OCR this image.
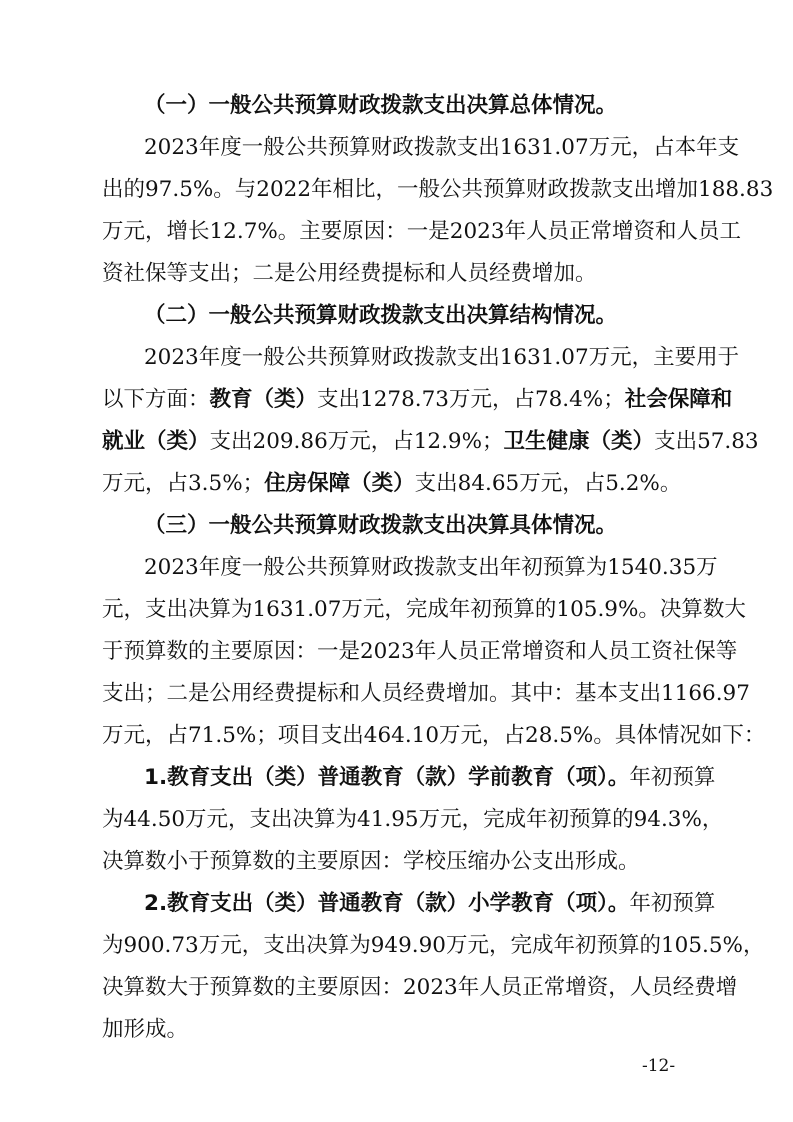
（一）一般公共预算财政拨款支出决算总体情况。
2023年度一般公共预算财政拨款支出1631.07万元，占本年支
出的97.5%。与2022年相比，一般公共预算财政拨款支出增加188.83
万元，增长12.7%。主要原因：一是2023年人员正常增资和人员工
资社保等支出；二是公用经费提标和人员经费增加。
（二）一般公共预算财政拨款支出决算结构情况。
2023年度一般公共预算财政拨款支出1631.07万元，主要用于
以下方面：教育（类）支出1278.73万元，占78.4%；社会保障和
就业（类）支出209.86万元，占12.9%；卫生健康（类）支出57.83
万元，占3.5%；住房保障（类）支出84.65万元，占5.2%。
（三）一般公共预算财政拨款支出决算具体情况。
2023年度一般公共预算财政拨款支出年初预算为1540.35万
元，支出决算为1631.07万元，完成年初预算的105.9%。决算数大
于预算数的主要原因：一是2023年人员正常增资和人员工资社保等
支出；二是公用经费提标和人员经费增加。其中：基本支出1166.97
万元，占71.5%；项目支出464.10万元，占28.5%。具体情况如下：
1.教育支出（类）普通教育（款）学前教育（项）。年初预算
为44.50万元，支出决算为41.95万元，完成年初预算的94.3%，
决算数小于预算数的主要原因：学校压缩办公支出形成。
2.教育支出（类）普通教育（款）小学教育（项）。年初预算
为900.73万元，支出决算为949.90万元，完成年初预算的105.5%，
决算数大于预算数的主要原因：2023年人员正常增资，人员经费增
加形成。
-12-
